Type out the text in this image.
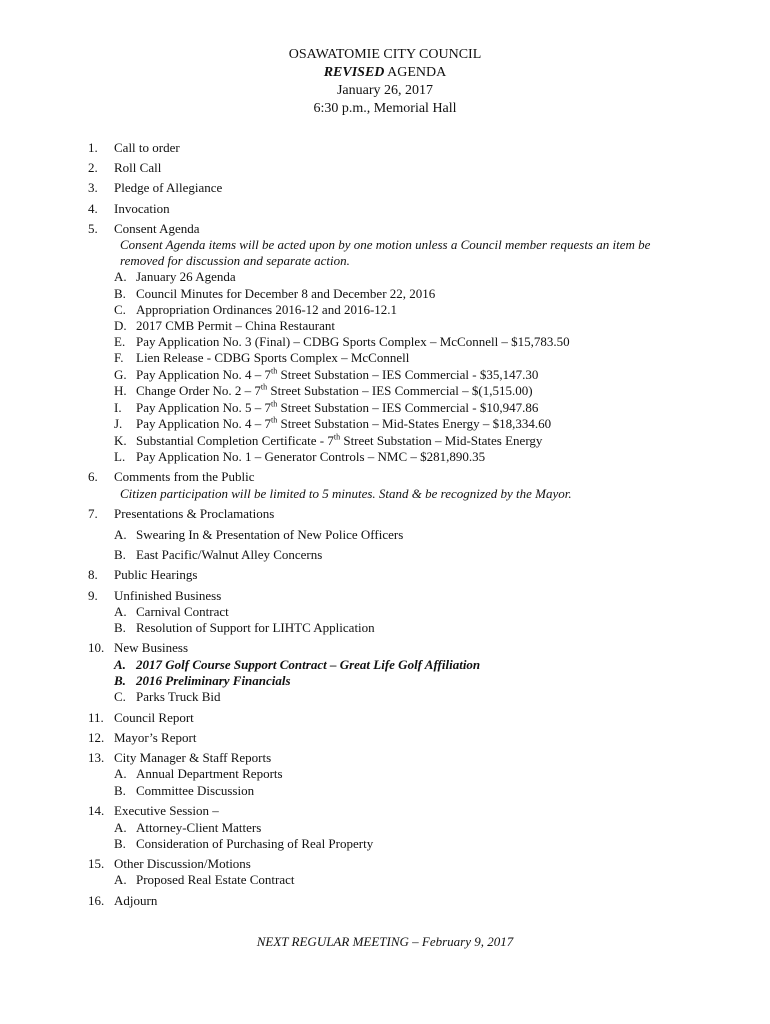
OSAWATOMIE CITY COUNCIL
REVISED AGENDA
January 26, 2017
6:30 p.m., Memorial Hall
1.	Call to order
2.	Roll Call
3.	Pledge of Allegiance
4.	Invocation
5.	Consent Agenda
Consent Agenda items will be acted upon by one motion unless a Council member requests an item be
removed for discussion and separate action.
A. January 26 Agenda
B. Council Minutes for December 8 and December 22, 2016
C. Appropriation Ordinances 2016-12 and 2016-12.1
D. 2017 CMB Permit – China Restaurant
E. Pay Application No. 3 (Final) – CDBG Sports Complex – McConnell – $15,783.50
F. Lien Release - CDBG Sports Complex – McConnell
G. Pay Application No. 4 – 7th Street Substation – IES Commercial - $35,147.30
H. Change Order No. 2 – 7th Street Substation – IES Commercial – $(1,515.00)
I.	Pay Application No. 5 – 7th Street Substation – IES Commercial - $10,947.86
J.	Pay Application No. 4 – 7th Street Substation – Mid-States Energy – $18,334.60
K. Substantial Completion Certificate - 7th Street Substation – Mid-States Energy
L. Pay Application No. 1 – Generator Controls – NMC – $281,890.35
6.	Comments from the Public
Citizen participation will be limited to 5 minutes. Stand & be recognized by the Mayor.
7.	Presentations & Proclamations
A. Swearing In & Presentation of New Police Officers
B. East Pacific/Walnut Alley Concerns
8.	Public Hearings
9.	Unfinished Business
A. Carnival Contract
B. Resolution of Support for LIHTC Application
10. New Business
A. 2017 Golf Course Support Contract – Great Life Golf Affiliation
B. 2016 Preliminary Financials
C. Parks Truck Bid
11. Council Report
12. Mayor’s Report
13. City Manager & Staff Reports
A. Annual Department Reports
B. Committee Discussion
14. Executive Session –
A. Attorney-Client Matters
B. Consideration of Purchasing of Real Property
15. Other Discussion/Motions
A. Proposed Real Estate Contract
16. Adjourn
NEXT REGULAR MEETING – February 9, 2017
